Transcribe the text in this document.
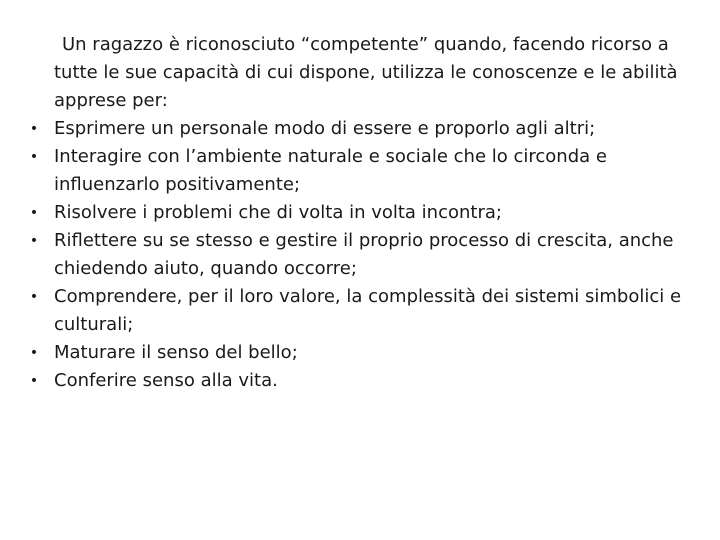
Un ragazzo è riconosciuto “competente” quando, facendo ricorso a tutte le sue capacità di cui dispone, utilizza le conoscenze e le abilità apprese per:

• Esprimere un personale modo di essere e proporlo agli altri;
• Interagire con l’ambiente naturale e sociale che lo circonda e influenzarlo positivamente;
• Risolvere i problemi che di volta in volta incontra;
• Riflettere su se stesso e gestire il proprio processo di crescita, anche chiedendo aiuto, quando occorre;
• Comprendere, per il loro valore, la complessità dei sistemi simbolici e culturali;
• Maturare il senso del bello;
• Conferire senso alla vita.
